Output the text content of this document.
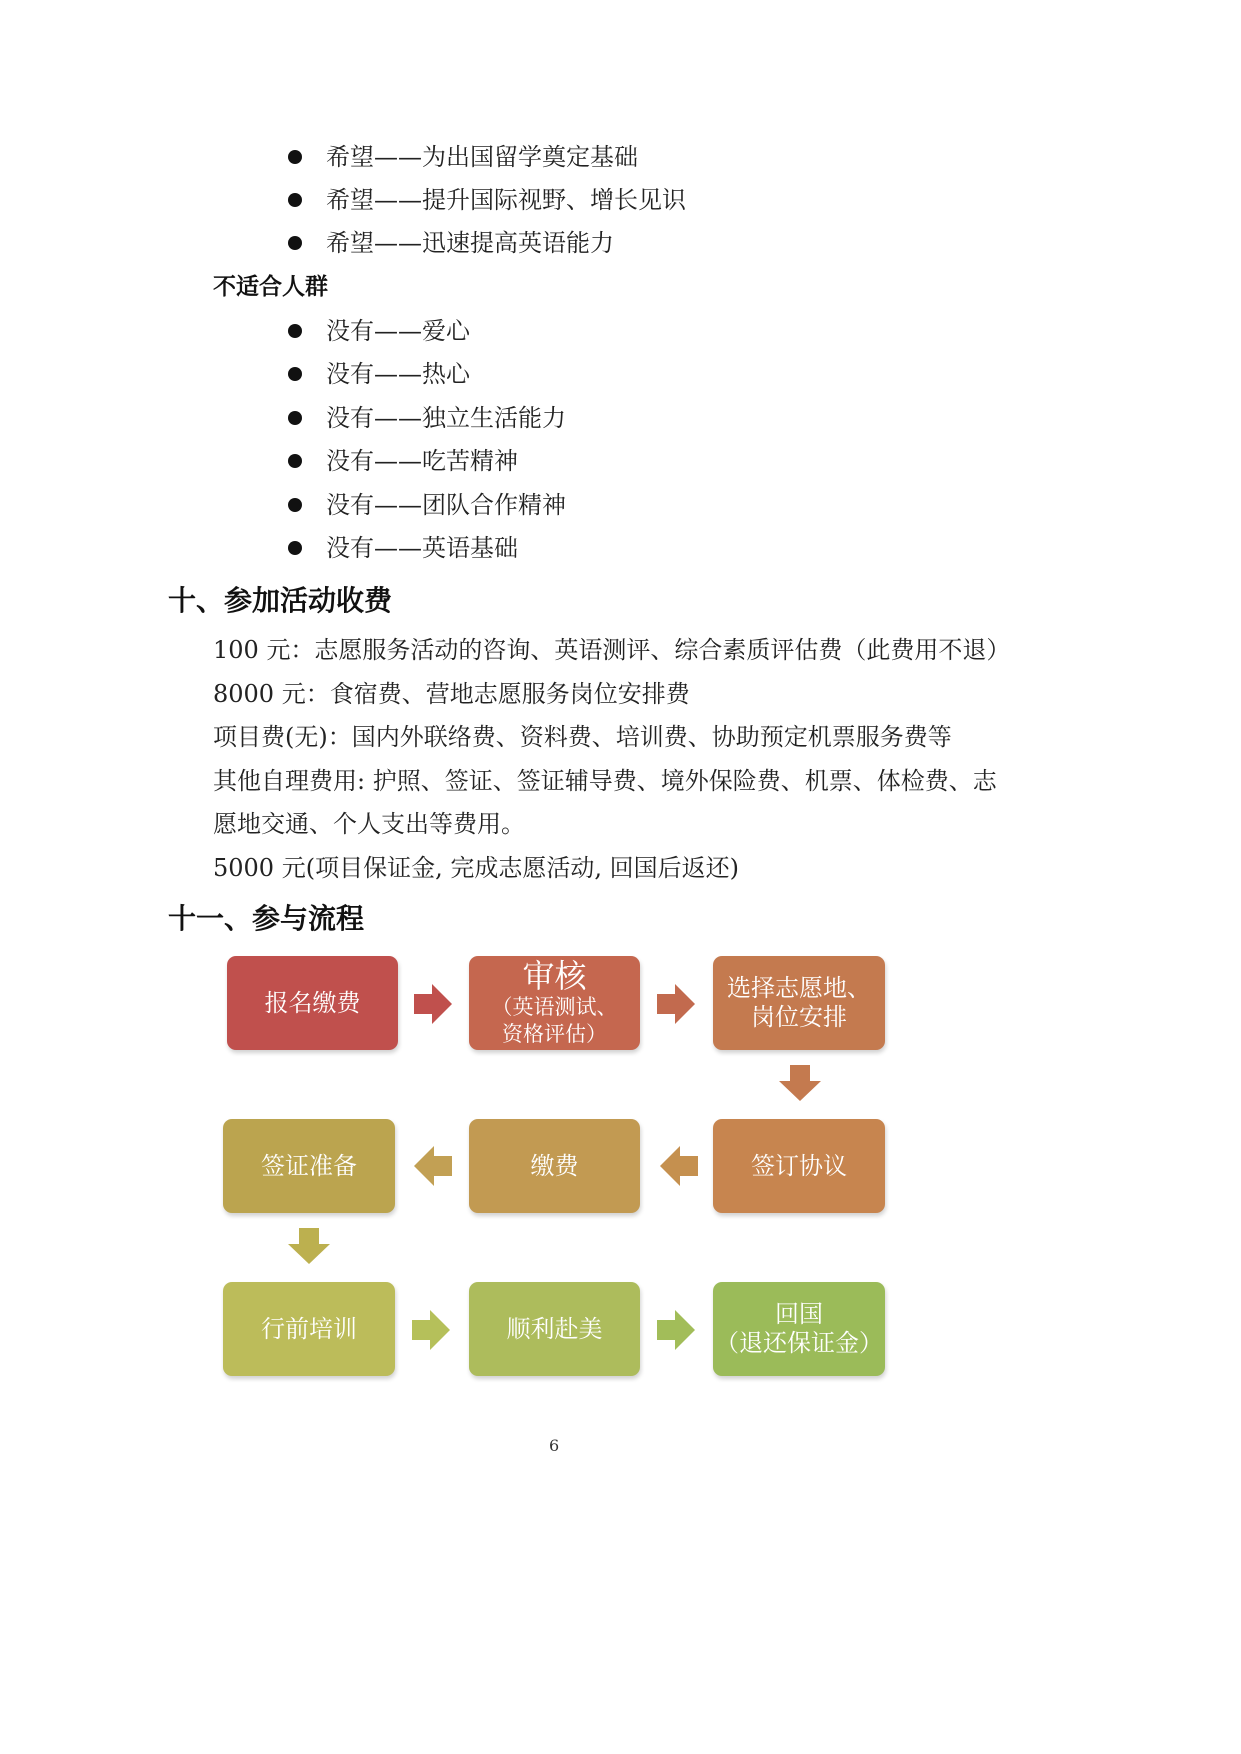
希望——为出国留学奠定基础
希望——提升国际视野、增长见识
希望——迅速提高英语能力
不适合人群
没有——爱心
没有——热心
没有——独立生活能力
没有——吃苦精神
没有——团队合作精神
没有——英语基础
十、参加活动收费
100 元：志愿服务活动的咨询、英语测评、综合素质评估费（此费用不退）
8000 元：食宿费、营地志愿服务岗位安排费
项目费(无)：国内外联络费、资料费、培训费、协助预定机票服务费等
其他自理费用: 护照、签证、签证辅导费、境外保险费、机票、体检费、志
愿地交通、个人支出等费用。
5000 元(项目保证金, 完成志愿活动, 回国后返还)
十一、参与流程
报名缴费
审核
（英语测试、资格评估）
选择志愿地、
岗位安排
签订协议
缴费
签证准备
行前培训	顺利赴美
回国
（退还保证金）
6
